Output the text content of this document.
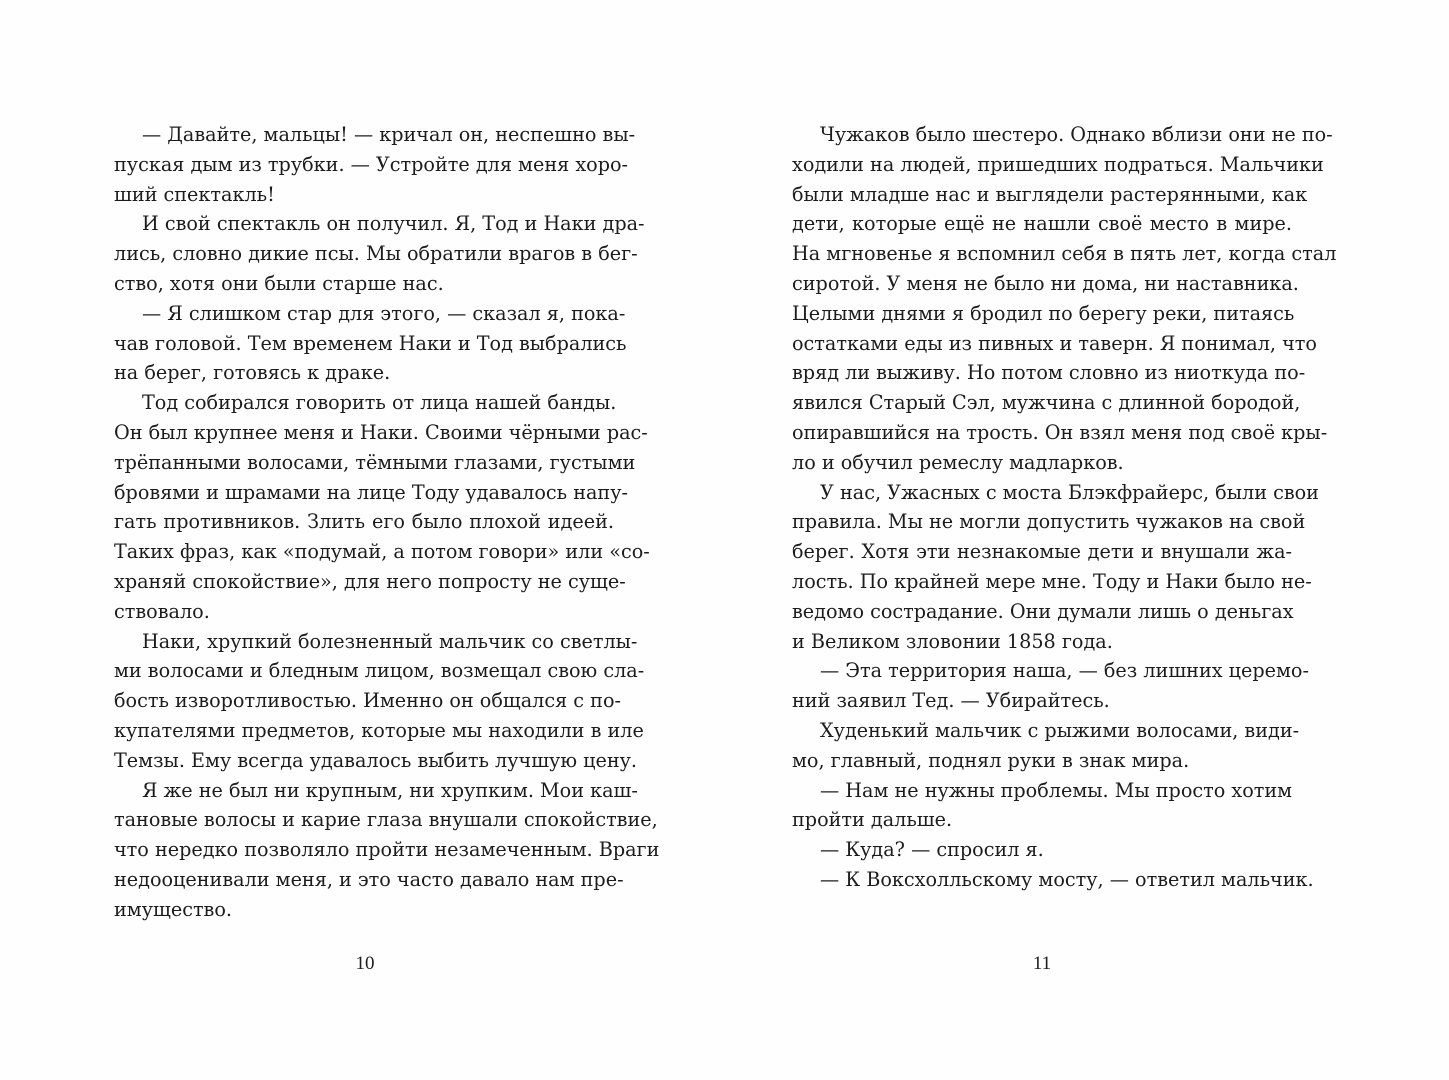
— Давайте, мальцы! — кричал он, неспешно вы-
пуская дым из трубки. — Устройте для меня хоро-
ший спектакль!
И свой спектакль он получил. Я, Тод и Наки дра-
лись, словно дикие псы. Мы обратили врагов в бег-
ство, хотя они были старше нас.
— Я слишком стар для этого, — сказал я, пока-
чав головой. Тем временем Наки и Тод выбрались
на берег, готовясь к драке.
Тод собирался говорить от лица нашей банды.
Он был крупнее меня и Наки. Своими чёрными рас-
трёпанными волосами, тёмными глазами, густыми
бровями и шрамами на лице Тоду удавалось напу-
гать противников. Злить его было плохой идеей.
Таких фраз, как «подумай, а потом говори» или «со-
храняй спокойствие», для него попросту не суще-
ствовало.
Наки, хрупкий болезненный мальчик со светлы-
ми волосами и бледным лицом, возмещал свою сла-
бость изворотливостью. Именно он общался с по-
купателями предметов, которые мы находили в иле
Темзы. Ему всегда удавалось выбить лучшую цену.
Я же не был ни крупным, ни хрупким. Мои каш-
тановые волосы и карие глаза внушали спокойствие,
что нередко позволяло пройти незамеченным. Враги
недооценивали меня, и это часто давало нам пре-
имущество.
10
Чужаков было шестеро. Однако вблизи они не по-
ходили на людей, пришедших подраться. Мальчики
были младше нас и выглядели растерянными, как
дети, которые ещё не нашли своё место в мире.
На мгновенье я вспомнил себя в пять лет, когда стал
сиротой. У меня не было ни дома, ни наставника.
Целыми днями я бродил по берегу реки, питаясь
остатками еды из пивных и таверн. Я понимал, что
вряд ли выживу. Но потом словно из ниоткуда по-
явился Старый Сэл, мужчина с длинной бородой,
опиравшийся на трость. Он взял меня под своё кры-
ло и обучил ремеслу мадларков.
У нас, Ужасных с моста Блэкфрайерс, были свои
правила. Мы не могли допустить чужаков на свой
берег. Хотя эти незнакомые дети и внушали жа-
лость. По крайней мере мне. Тоду и Наки было не-
ведомо сострадание. Они думали лишь о деньгах
и Великом зловонии 1858 года.
— Эта территория наша, — без лишних церемо-
ний заявил Тед. — Убирайтесь.
Худенький мальчик с рыжими волосами, види-
мо, главный, поднял руки в знак мира.
— Нам не нужны проблемы. Мы просто хотим
пройти дальше.
— Куда? — спросил я.
— К Воксхолльскому мосту, — ответил мальчик.
11
